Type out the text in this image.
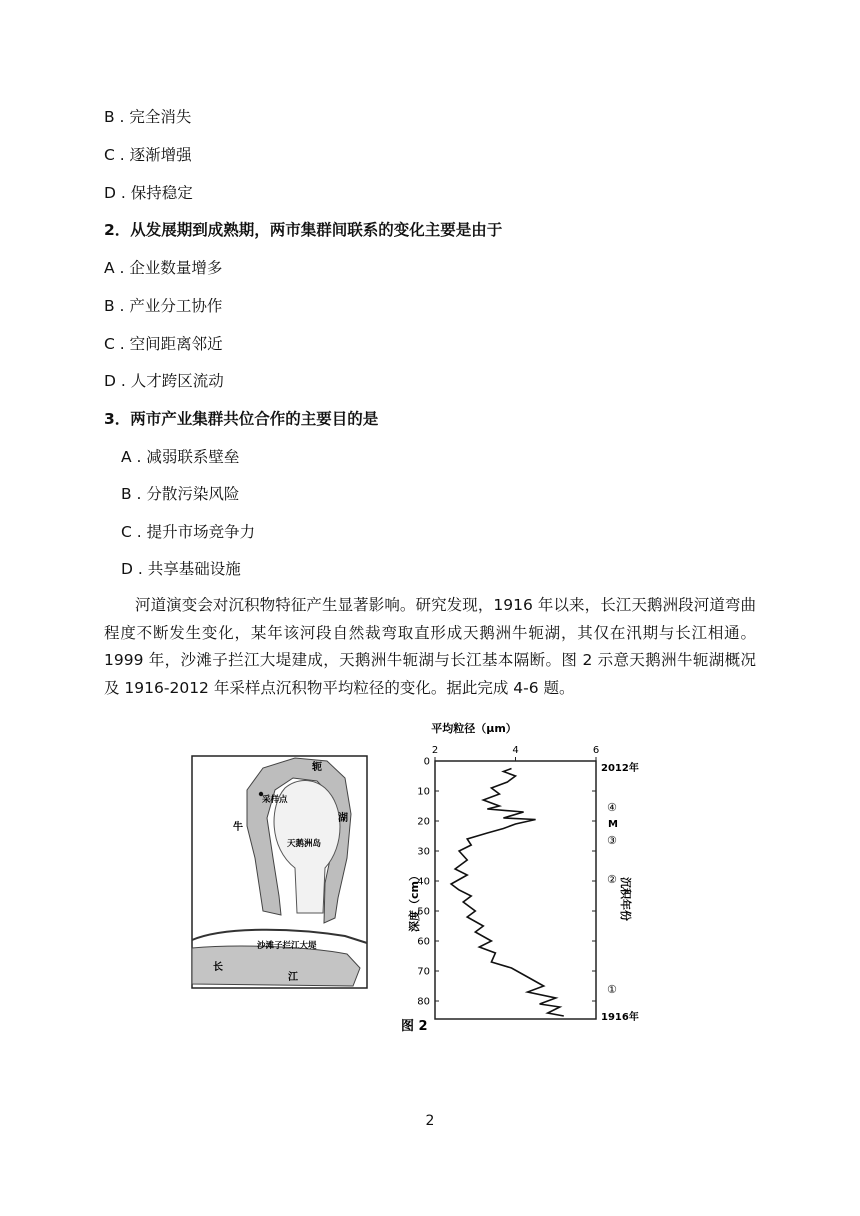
B . 完全消失
C . 逐渐增强
D . 保持稳定
2．从发展期到成熟期，两市集群间联系的变化主要是由于
A . 企业数量增多
B . 产业分工协作
C . 空间距离邻近
D . 人才跨区流动
3．两市产业集群共位合作的主要目的是
A . 减弱联系壁垒
B . 分散污染风险
C . 提升市场竞争力
D . 共享基础设施
河道演变会对沉积物特征产生显著影响。研究发现，1916 年以来，长江天鹅洲段河道弯曲程度不断发生变化，某年该河段自然裁弯取直形成天鹅洲牛轭湖，其仅在汛期与长江相通。1999 年，沙滩子拦江大堤建成，天鹅洲牛轭湖与长江基本隔断。图 2 示意天鹅洲牛轭湖概况及 1916-2012 年采样点沉积物平均粒径的变化。据此完成 4-6 题。
轭
牛
湖
采样点
天鹅洲岛
沙滩子拦江大堤
长
江
平均粒径（μm）
2	4	6
0
10
20
30
40
50
60
70
80
深度（cm）	沉积年份
2012年
1916年
④
M
③
②
①
图 2
2
